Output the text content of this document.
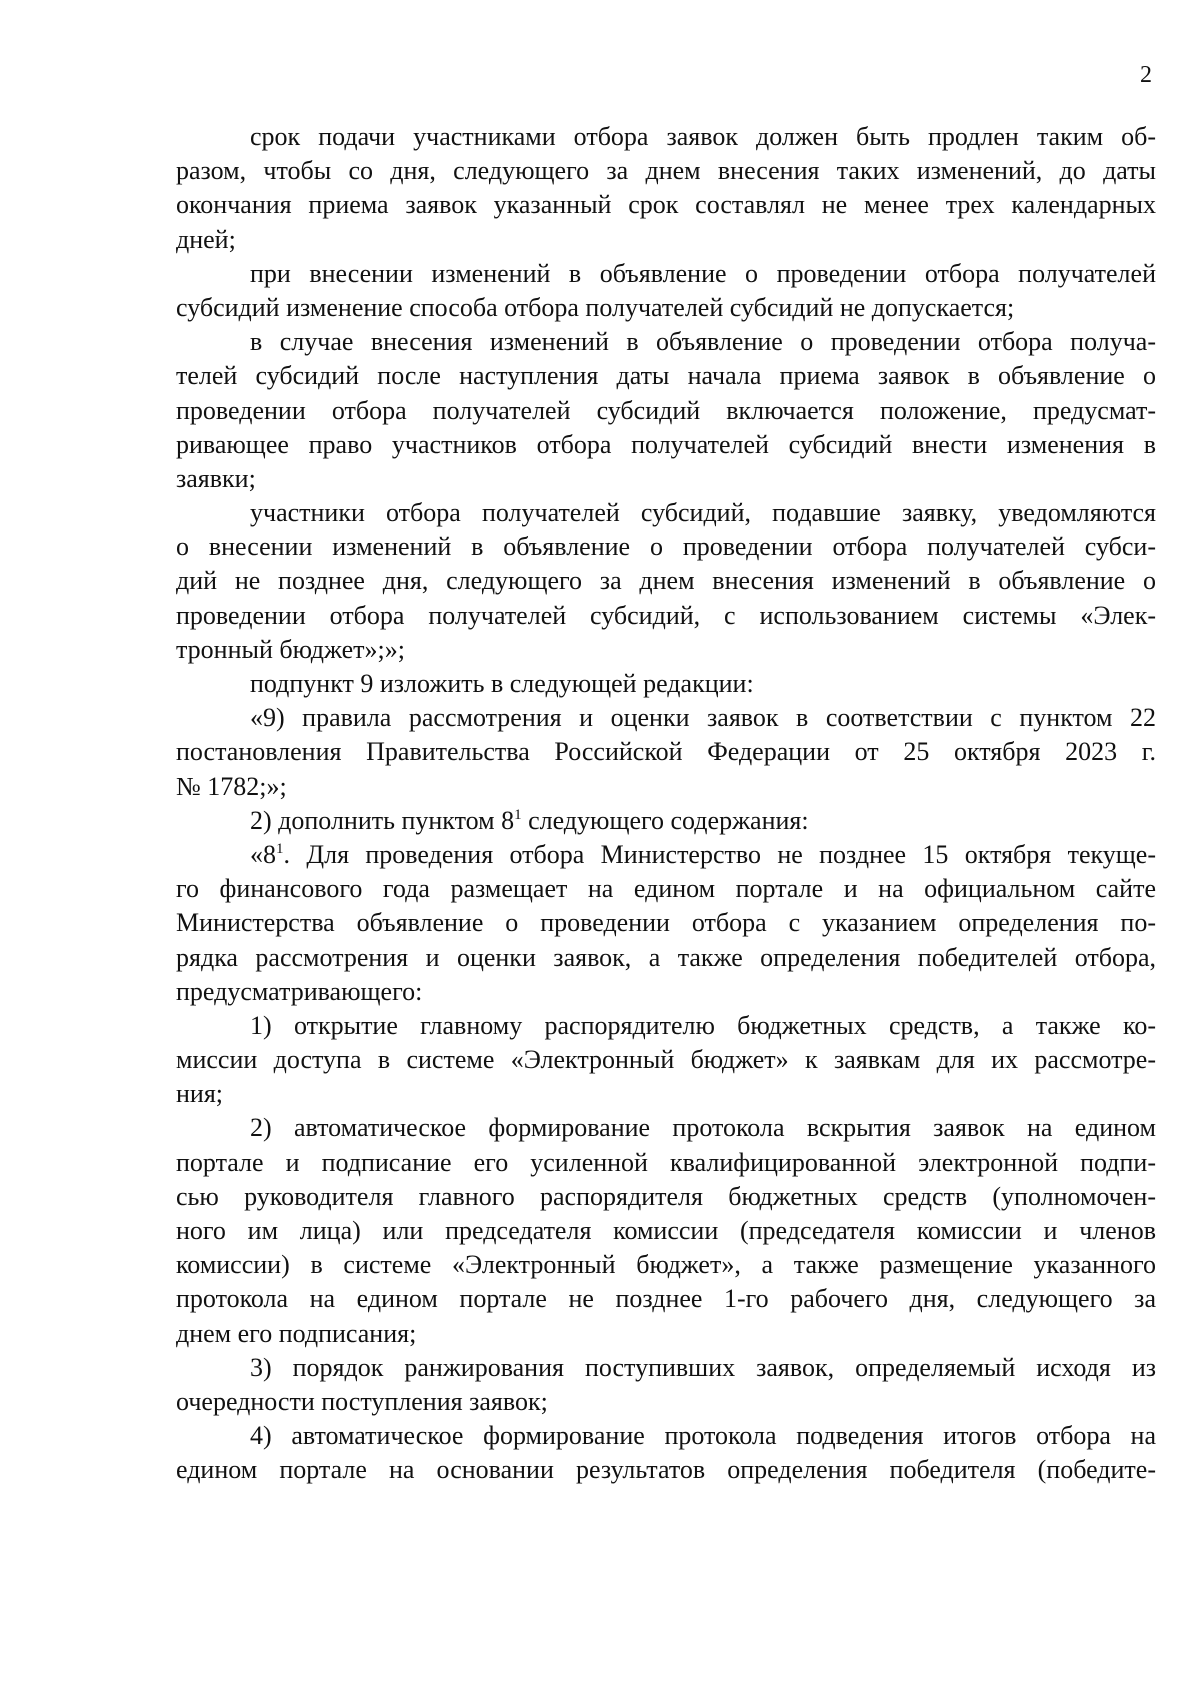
2
срок подачи участниками отбора заявок должен быть продлен таким об-
разом, чтобы со дня, следующего за днем внесения таких изменений, до даты
окончания приема заявок указанный срок составлял не менее трех календарных
дней;
при внесении изменений в объявление о проведении отбора получателей
субсидий изменение способа отбора получателей субсидий не допускается;
в случае внесения изменений в объявление о проведении отбора получа-
телей субсидий после наступления даты начала приема заявок в объявление о
проведении отбора получателей субсидий включается положение, предусмат-
ривающее право участников отбора получателей субсидий внести изменения в
заявки;
участники отбора получателей субсидий, подавшие заявку, уведомляются
о внесении изменений в объявление о проведении отбора получателей субси-
дий не позднее дня, следующего за днем внесения изменений в объявление о
проведении отбора получателей субсидий, с использованием системы «Элек-
тронный бюджет»;»;
подпункт 9 изложить в следующей редакции:
«9) правила рассмотрения и оценки заявок в соответствии с пунктом 22
постановления Правительства Российской Федерации от 25 октября 2023 г.
№ 1782;»;
2) дополнить пунктом $8^1$ следующего содержания:
«$8^1$. Для проведения отбора Министерство не позднее 15 октября текуще-
го финансового года размещает на едином портале и на официальном сайте
Министерства объявление о проведении отбора с указанием определения по-
рядка рассмотрения и оценки заявок, а также определения победителей отбора,
предусматривающего:
1) открытие главному распорядителю бюджетных средств, а также ко-
миссии доступа в системе «Электронный бюджет» к заявкам для их рассмотре-
ния;
2) автоматическое формирование протокола вскрытия заявок на едином
портале и подписание его усиленной квалифицированной электронной подпи-
сью руководителя главного распорядителя бюджетных средств (уполномочен-
ного им лица) или председателя комиссии (председателя комиссии и членов
комиссии) в системе «Электронный бюджет», а также размещение указанного
протокола на едином портале не позднее 1-го рабочего дня, следующего за
днем его подписания;
3) порядок ранжирования поступивших заявок, определяемый исходя из
очередности поступления заявок;
4) автоматическое формирование протокола подведения итогов отбора на
едином портале на основании результатов определения победителя (победите-
